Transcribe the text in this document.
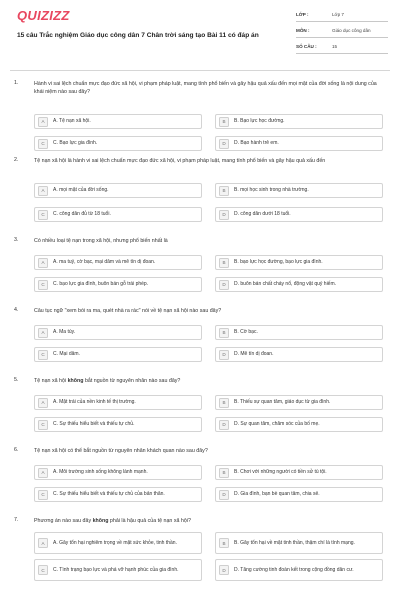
QUIZIZZ
15 câu Trắc nghiệm Giáo dục công dân 7 Chân trời sáng tạo Bài 11 có đáp án
LỚP :	Lớp 7
MÔN :	Giáo dục công dân
SỐ CÂU :	15
1.	Hành vi sai lệch chuẩn mực đạo đức xã hội, vi phạm pháp luật, mang tính phổ biến và gây hậu quả xấu đến mọi mặt của đời sống là nội dung của khái niệm nào sau đây?
A	A. Tệ nạn xã hội.	B	B. Bạo lực học đường.
C	C. Bạo lực gia đình.	D	D. Bạo hành trẻ em.
2.	Tệ nạn xã hội là hành vi sai lệch chuẩn mực đạo đức xã hội, vi phạm pháp luật, mang tính phổ biến và gây hậu quả xấu đến
A	A. mọi mặt của đời sống.	B	B. mọi học sinh trong nhà trường.
C	C. công dân đủ từ 18 tuổi.	D	D. công dân dưới 18 tuổi.
3.	Có nhiều loại tệ nạn trong xã hội, nhưng phổ biến nhất là
A	A. ma tuý, cờ bạc, mại dâm và mê tín dị đoan.	B	B. bạo lực học đường, bạo lực gia đình.
C	C. bạo lực gia đình, buôn bán gỗ trái phép.	D	D. buôn bán chất cháy nổ, động vật quý hiếm.
4.	Câu tục ngữ "xem bói ra ma, quét nhà ra rác" nói về tệ nạn xã hội nào sau đây?
A	A. Ma túy.	B	B. Cờ bạc.
C	C. Mại dâm.	D	D. Mê tín dị đoan.
5.	Tệ nạn xã hội không bắt nguồn từ nguyên nhân nào sau đây?
A	A. Mặt trái của nền kinh tế thị trường.	B	B. Thiếu sự quan tâm, giáo dục từ gia đình.
C	C. Sự thiếu hiểu biết và thiếu tự chủ.	D	D. Sự quan tâm, chăm sóc của bố mẹ.
6.	Tệ nạn xã hội có thể bắt nguồn từ nguyên nhân khách quan nào sau đây?
A	A. Môi trường sinh sống không lành mạnh.	B	B. Chơi với những người có tiền sử tù tội.
C	C. Sự thiếu hiểu biết và thiếu tự chủ của bản thân.	D	D. Gia đình, bạn bè quan tâm, chia sẻ.
7.	Phương án nào sau đây không phải là hậu quả của tệ nạn xã hội?
A	A. Gây tổn hại nghiêm trọng về mặt sức khỏe, tinh thần.	B	B. Gây tổn hại về mặt tinh thần, thậm chí là tính mạng.
C	C. Tình trạng bạo lực và phá vỡ hạnh phúc của gia đình.	D	D. Tăng cường tinh đoàn kết trong cộng đồng dân cư.
